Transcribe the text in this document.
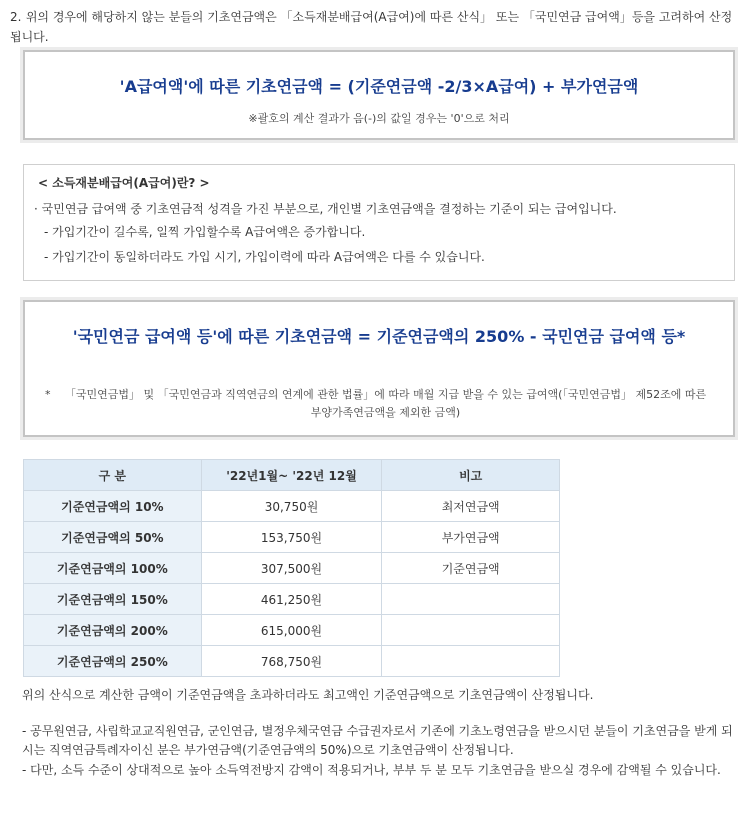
2. 위의 경우에 해당하지 않는 분들의 기초연금액은 「소득재분배급여(A급여)에 따른 산식」 또는 「국민연금 급여액」등을 고려하여 산정됩니다.
'A급여액'에 따른 기초연금액 = (기준연금액 -2/3×A급여) + 부가연금액
※괄호의 계산 결과가 음(-)의 값일 경우는 '0'으로 처리
< 소득재분배급여(A급여)란? >
· 국민연금 급여액 중 기초연금적 성격을 가진 부분으로, 개인별 기초연금액을 결정하는 기준이 되는 급여입니다.
- 가입기간이 길수록, 일찍 가입할수록 A급여액은 증가합니다.
- 가입기간이 동일하더라도 가입 시기, 가입이력에 따라 A급여액은 다를 수 있습니다.
'국민연금 급여액 등'에 따른 기초연금액 = 기준연금액의 250% - 국민연금 급여액 등*
* 「국민연금법」 및 「국민연금과 직역연금의 연계에 관한 법률」에 따라 매월 지급 받을 수 있는 급여액(「국민연금법」 제52조에 따른 부양가족연금액을 제외한 금액)
구 분	'22년1월~ '22년 12월	비고
기준연금액의 10%	30,750원	최저연금액
기준연금액의 50%	153,750원	부가연금액
기준연금액의 100%	307,500원	기준연금액
기준연금액의 150%	461,250원	
기준연금액의 200%	615,000원	
기준연금액의 250%	768,750원	
위의 산식으로 계산한 금액이 기준연금액을 초과하더라도 최고액인 기준연금액으로 기초연금액이 산정됩니다.
- 공무원연금, 사립학교교직원연금, 군인연금, 별정우체국연금 수급권자로서 기존에 기초노령연금을 받으시던 분들이 기초연금을 받게 되시는 직역연금특례자이신 분은 부가연금액(기준연금액의 50%)으로 기초연금액이 산정됩니다.
- 다만, 소득 수준이 상대적으로 높아 소득역전방지 감액이 적용되거나, 부부 두 분 모두 기초연금을 받으실 경우에 감액될 수 있습니다.
